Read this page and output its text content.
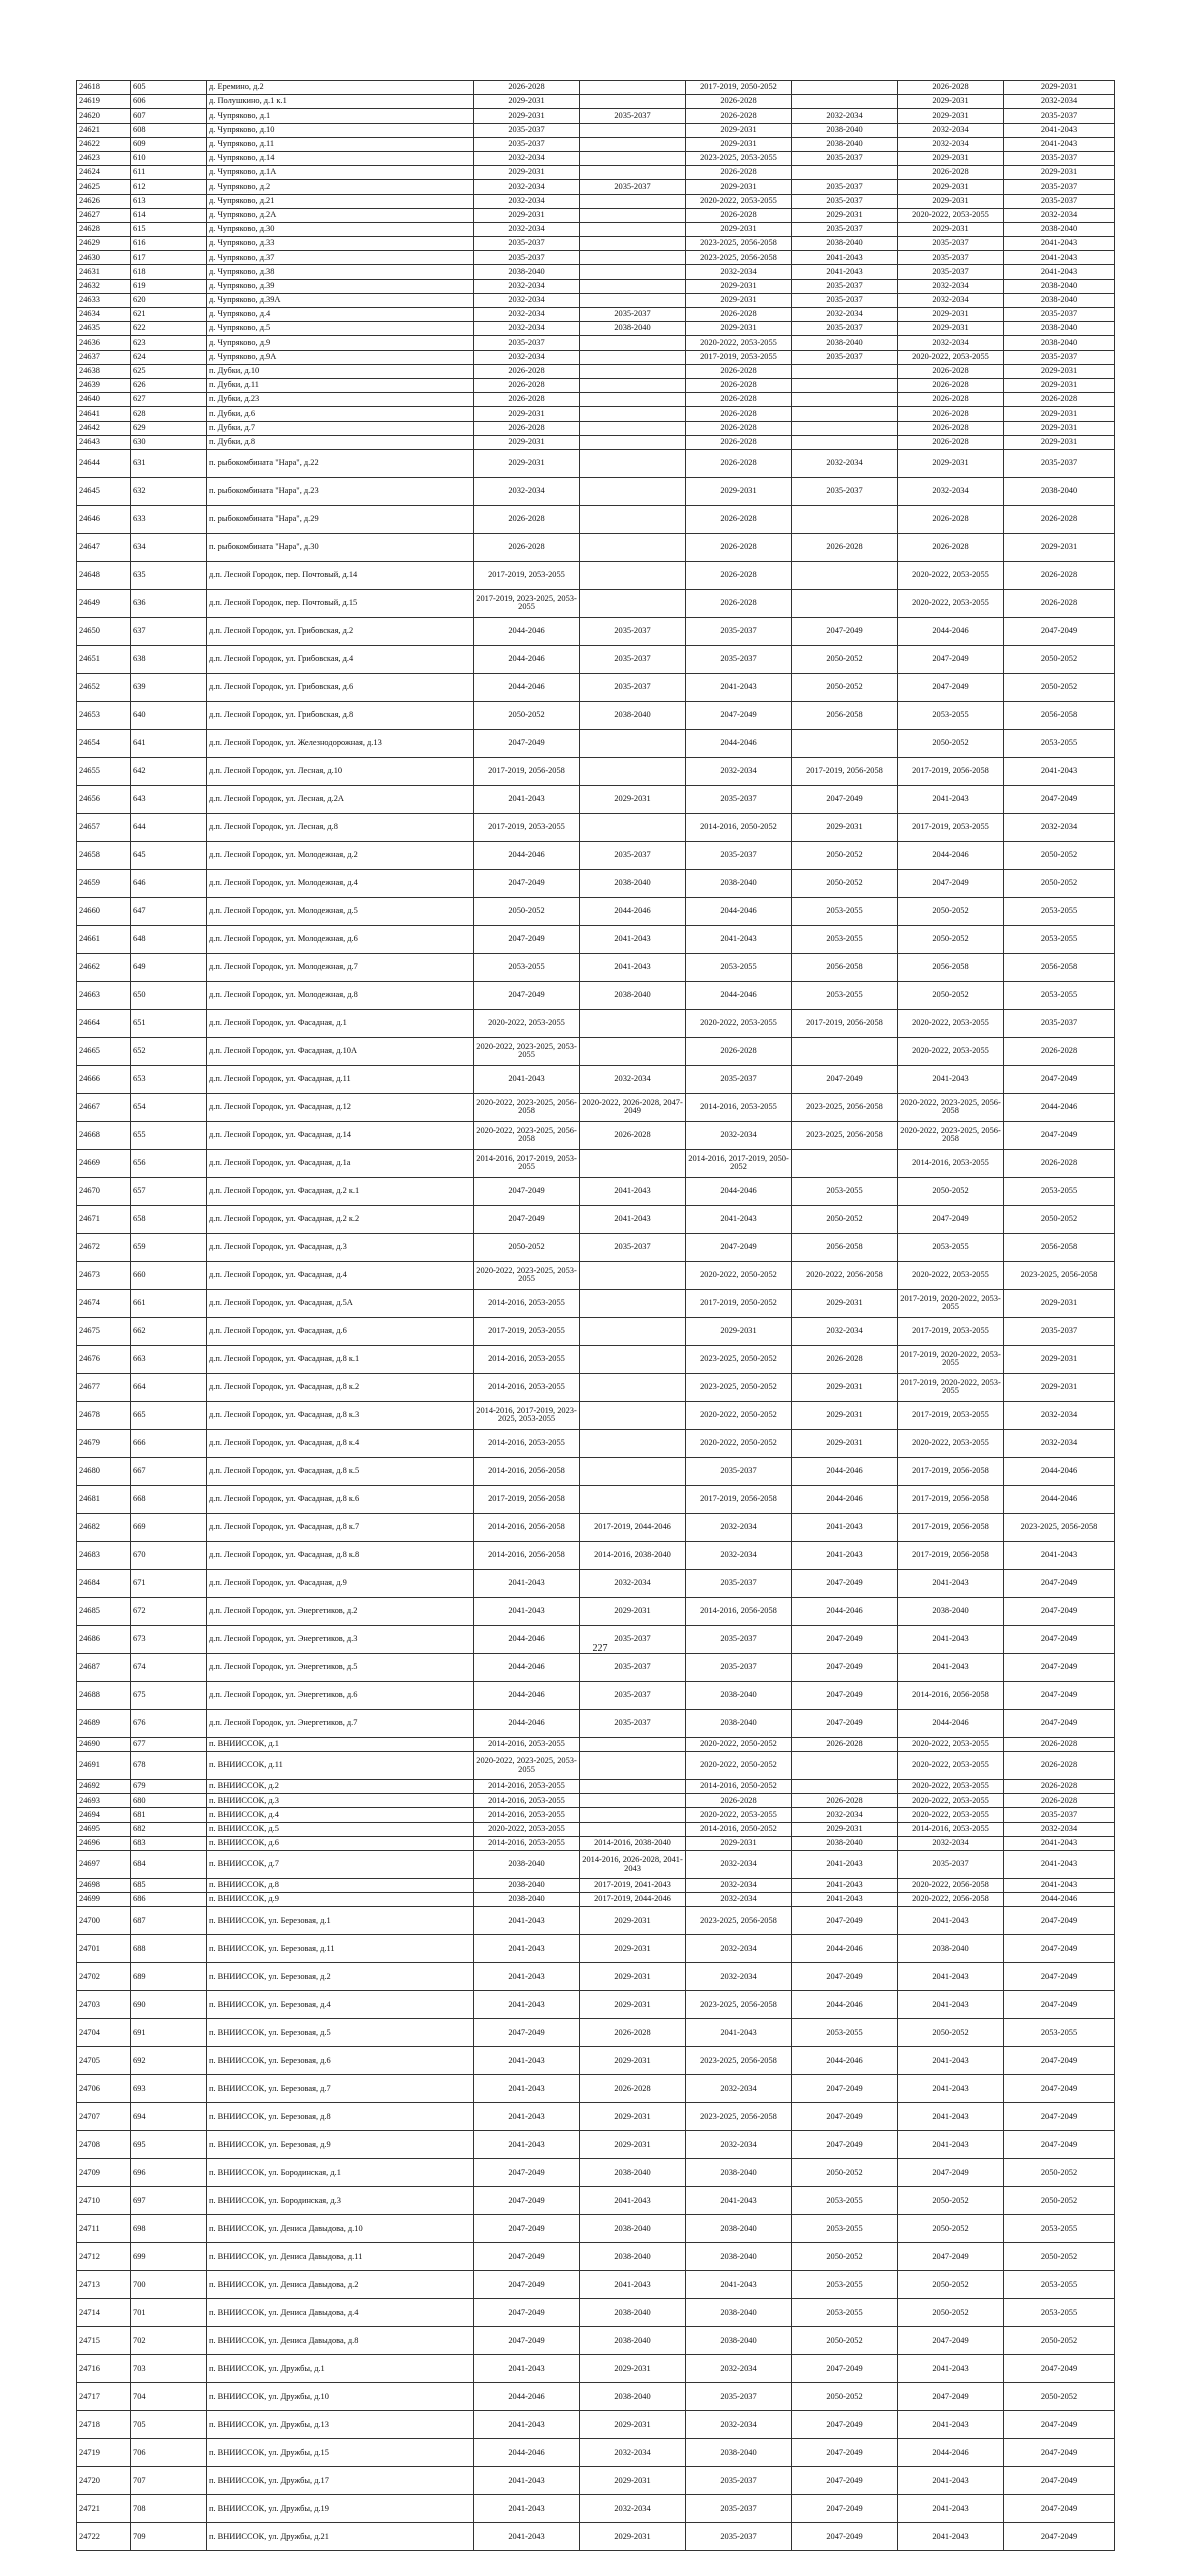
24618	605	д. Еремино, д.2	2026-2028		2017-2019, 2050-2052		2026-2028	2029-2031
24619	606	д. Полушкино, д.1 к.1	2029-2031		2026-2028		2029-2031	2032-2034
24620	607	д. Чупряково, д.1	2029-2031	2035-2037	2026-2028	2032-2034	2029-2031	2035-2037
24621	608	д. Чупряково, д.10	2035-2037		2029-2031	2038-2040	2032-2034	2041-2043
24622	609	д. Чупряково, д.11	2035-2037		2029-2031	2038-2040	2032-2034	2041-2043
24623	610	д. Чупряково, д.14	2032-2034		2023-2025, 2053-2055	2035-2037	2029-2031	2035-2037
24624	611	д. Чупряково, д.1А	2029-2031		2026-2028		2026-2028	2029-2031
24625	612	д. Чупряково, д.2	2032-2034	2035-2037	2029-2031	2035-2037	2029-2031	2035-2037
24626	613	д. Чупряково, д.21	2032-2034		2020-2022, 2053-2055	2035-2037	2029-2031	2035-2037
24627	614	д. Чупряково, д.2А	2029-2031		2026-2028	2029-2031	2020-2022, 2053-2055	2032-2034
24628	615	д. Чупряково, д.30	2032-2034		2029-2031	2035-2037	2029-2031	2038-2040
24629	616	д. Чупряково, д.33	2035-2037		2023-2025, 2056-2058	2038-2040	2035-2037	2041-2043
24630	617	д. Чупряково, д.37	2035-2037		2023-2025, 2056-2058	2041-2043	2035-2037	2041-2043
24631	618	д. Чупряково, д.38	2038-2040		2032-2034	2041-2043	2035-2037	2041-2043
24632	619	д. Чупряково, д.39	2032-2034		2029-2031	2035-2037	2032-2034	2038-2040
24633	620	д. Чупряково, д.39А	2032-2034		2029-2031	2035-2037	2032-2034	2038-2040
24634	621	д. Чупряково, д.4	2032-2034	2035-2037	2026-2028	2032-2034	2029-2031	2035-2037
24635	622	д. Чупряково, д.5	2032-2034	2038-2040	2029-2031	2035-2037	2029-2031	2038-2040
24636	623	д. Чупряково, д.9	2035-2037		2020-2022, 2053-2055	2038-2040	2032-2034	2038-2040
24637	624	д. Чупряково, д.9А	2032-2034		2017-2019, 2053-2055	2035-2037	2020-2022, 2053-2055	2035-2037
24638	625	п. Дубки, д.10	2026-2028		2026-2028		2026-2028	2029-2031
24639	626	п. Дубки, д.11	2026-2028		2026-2028		2026-2028	2029-2031
24640	627	п. Дубки, д.23	2026-2028		2026-2028		2026-2028	2026-2028
24641	628	п. Дубки, д.6	2029-2031		2026-2028		2026-2028	2029-2031
24642	629	п. Дубки, д.7	2026-2028		2026-2028		2026-2028	2029-2031
24643	630	п. Дубки, д.8	2029-2031		2026-2028		2026-2028	2029-2031
24644	631	п. рыбокомбината "Нара", д.22	2029-2031		2026-2028	2032-2034	2029-2031	2035-2037
24645	632	п. рыбокомбината "Нара", д.23	2032-2034		2029-2031	2035-2037	2032-2034	2038-2040
24646	633	п. рыбокомбината "Нара", д.29	2026-2028		2026-2028		2026-2028	2026-2028
24647	634	п. рыбокомбината "Нара", д.30	2026-2028		2026-2028	2026-2028	2026-2028	2029-2031
24648	635	д.п. Лесной Городок, пер. Почтовый, д.14	2017-2019, 2053-2055		2026-2028		2020-2022, 2053-2055	2026-2028
24649	636	д.п. Лесной Городок, пер. Почтовый, д.15	2017-2019, 2023-2025, 2053-2055		2026-2028		2020-2022, 2053-2055	2026-2028
24650	637	д.п. Лесной Городок, ул. Грибовская, д.2	2044-2046	2035-2037	2035-2037	2047-2049	2044-2046	2047-2049
24651	638	д.п. Лесной Городок, ул. Грибовская, д.4	2044-2046	2035-2037	2035-2037	2050-2052	2047-2049	2050-2052
24652	639	д.п. Лесной Городок, ул. Грибовская, д.6	2044-2046	2035-2037	2041-2043	2050-2052	2047-2049	2050-2052
24653	640	д.п. Лесной Городок, ул. Грибовская, д.8	2050-2052	2038-2040	2047-2049	2056-2058	2053-2055	2056-2058
24654	641	д.п. Лесной Городок, ул. Железнодорожная, д.13	2047-2049		2044-2046		2050-2052	2053-2055
24655	642	д.п. Лесной Городок, ул. Лесная, д.10	2017-2019, 2056-2058		2032-2034	2017-2019, 2056-2058	2017-2019, 2056-2058	2041-2043
24656	643	д.п. Лесной Городок, ул. Лесная, д.2А	2041-2043	2029-2031	2035-2037	2047-2049	2041-2043	2047-2049
24657	644	д.п. Лесной Городок, ул. Лесная, д.8	2017-2019, 2053-2055		2014-2016, 2050-2052	2029-2031	2017-2019, 2053-2055	2032-2034
24658	645	д.п. Лесной Городок, ул. Молодежная, д.2	2044-2046	2035-2037	2035-2037	2050-2052	2044-2046	2050-2052
24659	646	д.п. Лесной Городок, ул. Молодежная, д.4	2047-2049	2038-2040	2038-2040	2050-2052	2047-2049	2050-2052
24660	647	д.п. Лесной Городок, ул. Молодежная, д.5	2050-2052	2044-2046	2044-2046	2053-2055	2050-2052	2053-2055
24661	648	д.п. Лесной Городок, ул. Молодежная, д.6	2047-2049	2041-2043	2041-2043	2053-2055	2050-2052	2053-2055
24662	649	д.п. Лесной Городок, ул. Молодежная, д.7	2053-2055	2041-2043	2053-2055	2056-2058	2056-2058	2056-2058
24663	650	д.п. Лесной Городок, ул. Молодежная, д.8	2047-2049	2038-2040	2044-2046	2053-2055	2050-2052	2053-2055
24664	651	д.п. Лесной Городок, ул. Фасадная, д.1	2020-2022, 2053-2055		2020-2022, 2053-2055	2017-2019, 2056-2058	2020-2022, 2053-2055	2035-2037
24665	652	д.п. Лесной Городок, ул. Фасадная, д.10А	2020-2022, 2023-2025, 2053-2055		2026-2028		2020-2022, 2053-2055	2026-2028
24666	653	д.п. Лесной Городок, ул. Фасадная, д.11	2041-2043	2032-2034	2035-2037	2047-2049	2041-2043	2047-2049
24667	654	д.п. Лесной Городок, ул. Фасадная, д.12	2020-2022, 2023-2025, 2056-2058	2020-2022, 2026-2028, 2047-2049	2014-2016, 2053-2055	2023-2025, 2056-2058	2020-2022, 2023-2025, 2056-2058	2044-2046
24668	655	д.п. Лесной Городок, ул. Фасадная, д.14	2020-2022, 2023-2025, 2056-2058	2026-2028	2032-2034	2023-2025, 2056-2058	2020-2022, 2023-2025, 2056-2058	2047-2049
24669	656	д.п. Лесной Городок, ул. Фасадная, д.1а	2014-2016, 2017-2019, 2053-2055		2014-2016, 2017-2019, 2050-2052		2014-2016, 2053-2055	2026-2028
24670	657	д.п. Лесной Городок, ул. Фасадная, д.2 к.1	2047-2049	2041-2043	2044-2046	2053-2055	2050-2052	2053-2055
24671	658	д.п. Лесной Городок, ул. Фасадная, д.2 к.2	2047-2049	2041-2043	2041-2043	2050-2052	2047-2049	2050-2052
24672	659	д.п. Лесной Городок, ул. Фасадная, д.3	2050-2052	2035-2037	2047-2049	2056-2058	2053-2055	2056-2058
24673	660	д.п. Лесной Городок, ул. Фасадная, д.4	2020-2022, 2023-2025, 2053-2055		2020-2022, 2050-2052	2020-2022, 2056-2058	2020-2022, 2053-2055	2023-2025, 2056-2058
24674	661	д.п. Лесной Городок, ул. Фасадная, д.5А	2014-2016, 2053-2055		2017-2019, 2050-2052	2029-2031	2017-2019, 2020-2022, 2053-2055	2029-2031
24675	662	д.п. Лесной Городок, ул. Фасадная, д.6	2017-2019, 2053-2055		2029-2031	2032-2034	2017-2019, 2053-2055	2035-2037
24676	663	д.п. Лесной Городок, ул. Фасадная, д.8 к.1	2014-2016, 2053-2055		2023-2025, 2050-2052	2026-2028	2017-2019, 2020-2022, 2053-2055	2029-2031
24677	664	д.п. Лесной Городок, ул. Фасадная, д.8 к.2	2014-2016, 2053-2055		2023-2025, 2050-2052	2029-2031	2017-2019, 2020-2022, 2053-2055	2029-2031
24678	665	д.п. Лесной Городок, ул. Фасадная, д.8 к.3	2014-2016, 2017-2019, 2023-2025, 2053-2055		2020-2022, 2050-2052	2029-2031	2017-2019, 2053-2055	2032-2034
24679	666	д.п. Лесной Городок, ул. Фасадная, д.8 к.4	2014-2016, 2053-2055		2020-2022, 2050-2052	2029-2031	2020-2022, 2053-2055	2032-2034
24680	667	д.п. Лесной Городок, ул. Фасадная, д.8 к.5	2014-2016, 2056-2058		2035-2037	2044-2046	2017-2019, 2056-2058	2044-2046
24681	668	д.п. Лесной Городок, ул. Фасадная, д.8 к.6	2017-2019, 2056-2058		2017-2019, 2056-2058	2044-2046	2017-2019, 2056-2058	2044-2046
24682	669	д.п. Лесной Городок, ул. Фасадная, д.8 к.7	2014-2016, 2056-2058	2017-2019, 2044-2046	2032-2034	2041-2043	2017-2019, 2056-2058	2023-2025, 2056-2058
24683	670	д.п. Лесной Городок, ул. Фасадная, д.8 к.8	2014-2016, 2056-2058	2014-2016, 2038-2040	2032-2034	2041-2043	2017-2019, 2056-2058	2041-2043
24684	671	д.п. Лесной Городок, ул. Фасадная, д.9	2041-2043	2032-2034	2035-2037	2047-2049	2041-2043	2047-2049
24685	672	д.п. Лесной Городок, ул. Энергетиков, д.2	2041-2043	2029-2031	2014-2016, 2056-2058	2044-2046	2038-2040	2047-2049
24686	673	д.п. Лесной Городок, ул. Энергетиков, д.3	2044-2046	2035-2037	2035-2037	2047-2049	2041-2043	2047-2049
24687	674	д.п. Лесной Городок, ул. Энергетиков, д.5	2044-2046	2035-2037	2035-2037	2047-2049	2041-2043	2047-2049
24688	675	д.п. Лесной Городок, ул. Энергетиков, д.6	2044-2046	2035-2037	2038-2040	2047-2049	2014-2016, 2056-2058	2047-2049
24689	676	д.п. Лесной Городок, ул. Энергетиков, д.7	2044-2046	2035-2037	2038-2040	2047-2049	2044-2046	2047-2049
24690	677	п. ВНИИССОК, д.1	2014-2016, 2053-2055		2020-2022, 2050-2052	2026-2028	2020-2022, 2053-2055	2026-2028
24691	678	п. ВНИИССОК, д.11	2020-2022, 2023-2025, 2053-2055		2020-2022, 2050-2052		2020-2022, 2053-2055	2026-2028
24692	679	п. ВНИИССОК, д.2	2014-2016, 2053-2055		2014-2016, 2050-2052		2020-2022, 2053-2055	2026-2028
24693	680	п. ВНИИССОК, д.3	2014-2016, 2053-2055		2026-2028	2026-2028	2020-2022, 2053-2055	2026-2028
24694	681	п. ВНИИССОК, д.4	2014-2016, 2053-2055		2020-2022, 2053-2055	2032-2034	2020-2022, 2053-2055	2035-2037
24695	682	п. ВНИИССОК, д.5	2020-2022, 2053-2055		2014-2016, 2050-2052	2029-2031	2014-2016, 2053-2055	2032-2034
24696	683	п. ВНИИССОК, д.6	2014-2016, 2053-2055	2014-2016, 2038-2040	2029-2031	2038-2040	2032-2034	2041-2043
24697	684	п. ВНИИССОК, д.7	2038-2040	2014-2016, 2026-2028, 2041-2043	2032-2034	2041-2043	2035-2037	2041-2043
24698	685	п. ВНИИССОК, д.8	2038-2040	2017-2019, 2041-2043	2032-2034	2041-2043	2020-2022, 2056-2058	2041-2043
24699	686	п. ВНИИССОК, д.9	2038-2040	2017-2019, 2044-2046	2032-2034	2041-2043	2020-2022, 2056-2058	2044-2046
24700	687	п. ВНИИССОК, ул. Березовая, д.1	2041-2043	2029-2031	2023-2025, 2056-2058	2047-2049	2041-2043	2047-2049
24701	688	п. ВНИИССОК, ул. Березовая, д.11	2041-2043	2029-2031	2032-2034	2044-2046	2038-2040	2047-2049
24702	689	п. ВНИИССОК, ул. Березовая, д.2	2041-2043	2029-2031	2032-2034	2047-2049	2041-2043	2047-2049
24703	690	п. ВНИИССОК, ул. Березовая, д.4	2041-2043	2029-2031	2023-2025, 2056-2058	2044-2046	2041-2043	2047-2049
24704	691	п. ВНИИССОК, ул. Березовая, д.5	2047-2049	2026-2028	2041-2043	2053-2055	2050-2052	2053-2055
24705	692	п. ВНИИССОК, ул. Березовая, д.6	2041-2043	2029-2031	2023-2025, 2056-2058	2044-2046	2041-2043	2047-2049
24706	693	п. ВНИИССОК, ул. Березовая, д.7	2041-2043	2026-2028	2032-2034	2047-2049	2041-2043	2047-2049
24707	694	п. ВНИИССОК, ул. Березовая, д.8	2041-2043	2029-2031	2023-2025, 2056-2058	2047-2049	2041-2043	2047-2049
24708	695	п. ВНИИССОК, ул. Березовая, д.9	2041-2043	2029-2031	2032-2034	2047-2049	2041-2043	2047-2049
24709	696	п. ВНИИССОК, ул. Бородинская, д.1	2047-2049	2038-2040	2038-2040	2050-2052	2047-2049	2050-2052
24710	697	п. ВНИИССОК, ул. Бородинская, д.3	2047-2049	2041-2043	2041-2043	2053-2055	2050-2052	2050-2052
24711	698	п. ВНИИССОК, ул. Дениса Давыдова, д.10	2047-2049	2038-2040	2038-2040	2053-2055	2050-2052	2053-2055
24712	699	п. ВНИИССОК, ул. Дениса Давыдова, д.11	2047-2049	2038-2040	2038-2040	2050-2052	2047-2049	2050-2052
24713	700	п. ВНИИССОК, ул. Дениса Давыдова, д.2	2047-2049	2041-2043	2041-2043	2053-2055	2050-2052	2053-2055
24714	701	п. ВНИИССОК, ул. Дениса Давыдова, д.4	2047-2049	2038-2040	2038-2040	2053-2055	2050-2052	2053-2055
24715	702	п. ВНИИССОК, ул. Дениса Давыдова, д.8	2047-2049	2038-2040	2038-2040	2050-2052	2047-2049	2050-2052
24716	703	п. ВНИИССОК, ул. Дружбы, д.1	2041-2043	2029-2031	2032-2034	2047-2049	2041-2043	2047-2049
24717	704	п. ВНИИССОК, ул. Дружбы, д.10	2044-2046	2038-2040	2035-2037	2050-2052	2047-2049	2050-2052
24718	705	п. ВНИИССОК, ул. Дружбы, д.13	2041-2043	2029-2031	2032-2034	2047-2049	2041-2043	2047-2049
24719	706	п. ВНИИССОК, ул. Дружбы, д.15	2044-2046	2032-2034	2038-2040	2047-2049	2044-2046	2047-2049
24720	707	п. ВНИИССОК, ул. Дружбы, д.17	2041-2043	2029-2031	2035-2037	2047-2049	2041-2043	2047-2049
24721	708	п. ВНИИССОК, ул. Дружбы, д.19	2041-2043	2032-2034	2035-2037	2047-2049	2041-2043	2047-2049
24722	709	п. ВНИИССОК, ул. Дружбы, д.21	2041-2043	2029-2031	2035-2037	2047-2049	2041-2043	2047-2049
227
